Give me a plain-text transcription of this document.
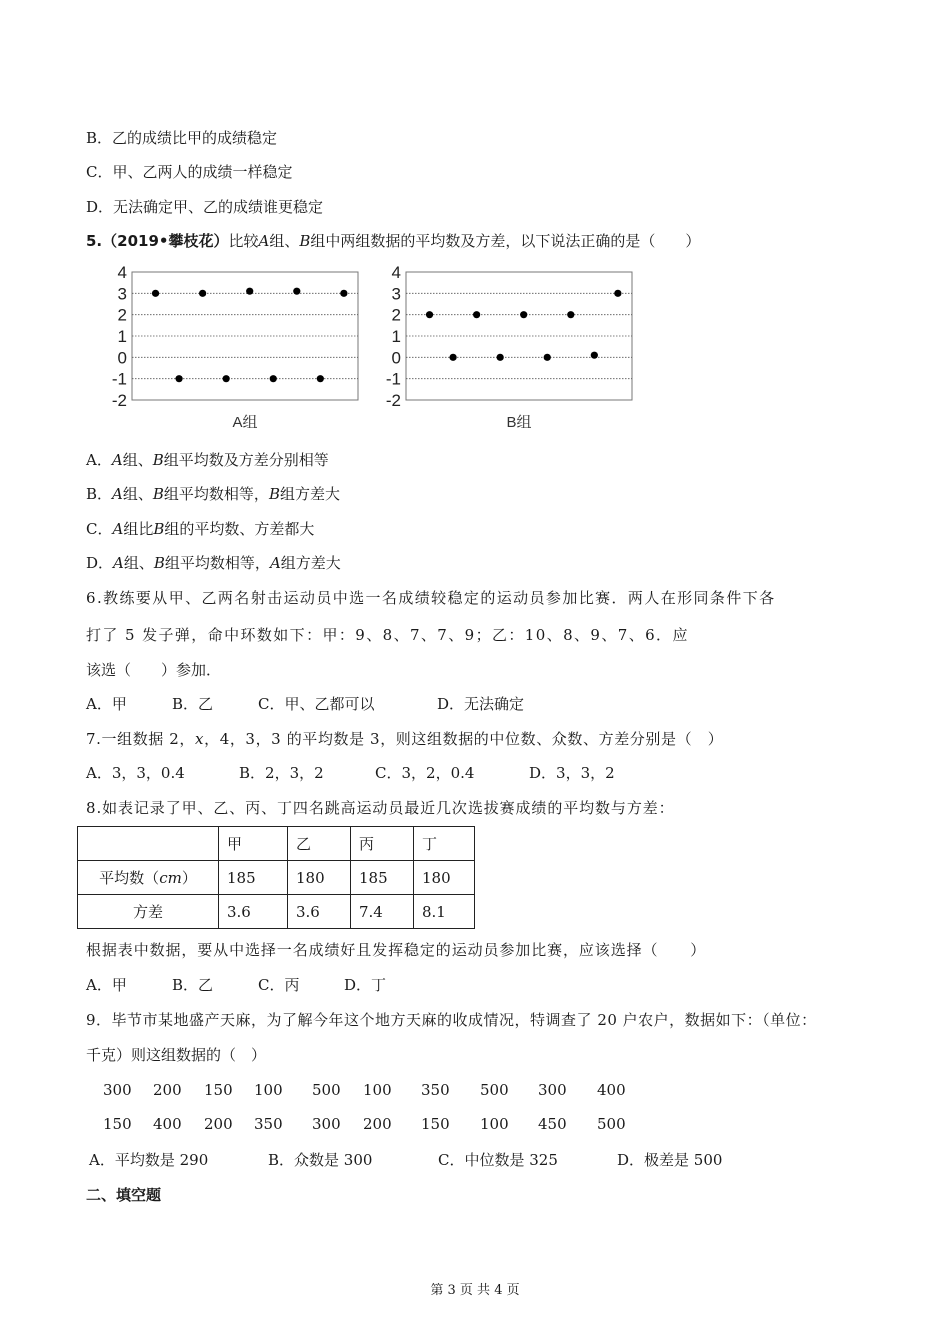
B．乙的成绩比甲的成绩稳定
C．甲、乙两人的成绩一样稳定
D．无法确定甲、乙的成绩谁更稳定
5.（2019•攀枝花）比较A组、B组中两组数据的平均数及方差，以下说法正确的是（　　）
4
3
2
1
0
-1
-2
A组
4
3
2
1
0
-1
-2
B组
A．A组、B组平均数及方差分别相等
B．A组、B组平均数相等，B组方差大
C．A组比B组的平均数、方差都大
D．A组、B组平均数相等，A组方差大
6.教练要从甲、乙两名射击运动员中选一名成绩较稳定的运动员参加比赛．两人在形同条件下各
打了 5 发子弹，命中环数如下：甲：9、8、7、7、9；乙：10、8、9、7、6．应
该选（　　）参加．
A．甲	B．乙	C．甲、乙都可以	D．无法确定
7.一组数据 2，x，4，3，3 的平均数是 3，则这组数据的中位数、众数、方差分别是（　）
A．3，3，0.4	B．2，3，2	C．3，2，0.4	D．3，3，2
8.如表记录了甲、乙、丙、丁四名跳高运动员最近几次选拔赛成绩的平均数与方差：
	甲	乙	丙	丁
平均数（cm）	185	180	185	180
方差	3.6	3.6	7.4	8.1
根据表中数据，要从中选择一名成绩好且发挥稳定的运动员参加比赛，应该选择（　　）
A．甲	B．乙	C．丙	D．丁
9．毕节市某地盛产天麻，为了解今年这个地方天麻的收成情况，特调查了 20 户农户，数据如下：（单位：
千克）则这组数据的（　）
300 200 150 100 500 100 350 500 300 400
150 400 200 350 300 200 150 100 450 500
A．平均数是 290	B．众数是 300	C．中位数是 325	D．极差是 500
二、填空题
第 3 页 共 4 页
